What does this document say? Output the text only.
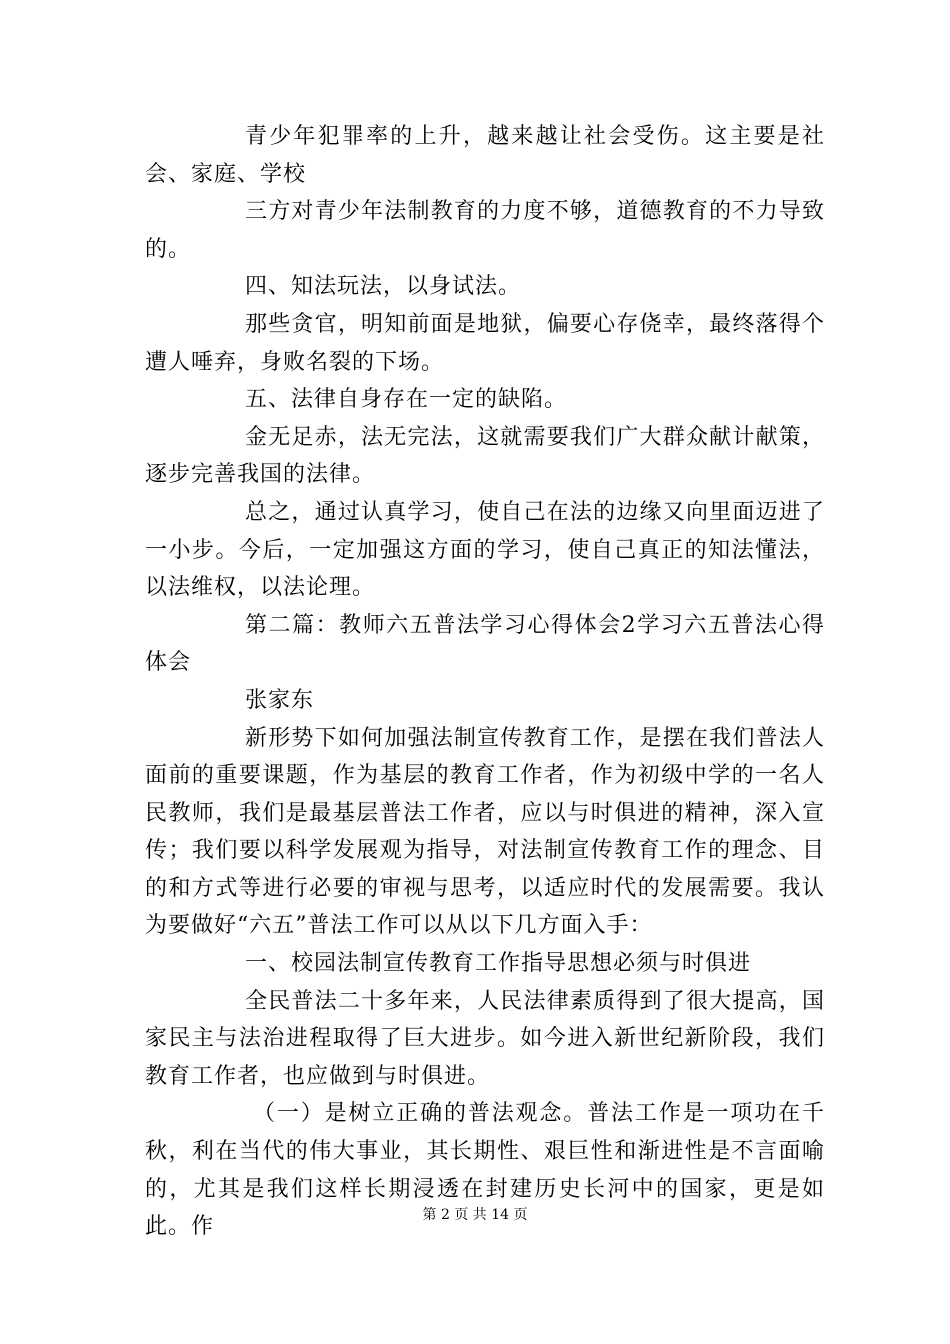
青少年犯罪率的上升，越来越让社会受伤。这主要是社会、家庭、学校

三方对青少年法制教育的力度不够，道德教育的不力导致的。

四、知法玩法，以身试法。

那些贪官，明知前面是地狱，偏要心存侥幸，最终落得个遭人唾弃，身败名裂的下场。

五、法律自身存在一定的缺陷。

金无足赤，法无完法，这就需要我们广大群众献计献策，逐步完善我国的法律。

总之，通过认真学习，使自己在法的边缘又向里面迈进了一小步。今后，一定加强这方面的学习，使自己真正的知法懂法，以法维权，以法论理。

第二篇：教师六五普法学习心得体会2学习六五普法心得体会

张家东

新形势下如何加强法制宣传教育工作，是摆在我们普法人面前的重要课题，作为基层的教育工作者，作为初级中学的一名人民教师，我们是最基层普法工作者，应以与时俱进的精神，深入宣传；我们要以科学发展观为指导，对法制宣传教育工作的理念、目的和方式等进行必要的审视与思考，以适应时代的发展需要。我认为要做好“六五”普法工作可以从以下几方面入手：

一、校园法制宣传教育工作指导思想必须与时俱进

全民普法二十多年来，人民法律素质得到了很大提高，国家民主与法治进程取得了巨大进步。如今进入新世纪新阶段，我们教育工作者，也应做到与时俱进。

（一）是树立正确的普法观念。普法工作是一项功在千秋，利在当代的伟大事业，其长期性、艰巨性和渐进性是不言面喻的，尤其是我们这样长期浸透在封建历史长河中的国家，更是如此。作	第 2 页 共 14 页
